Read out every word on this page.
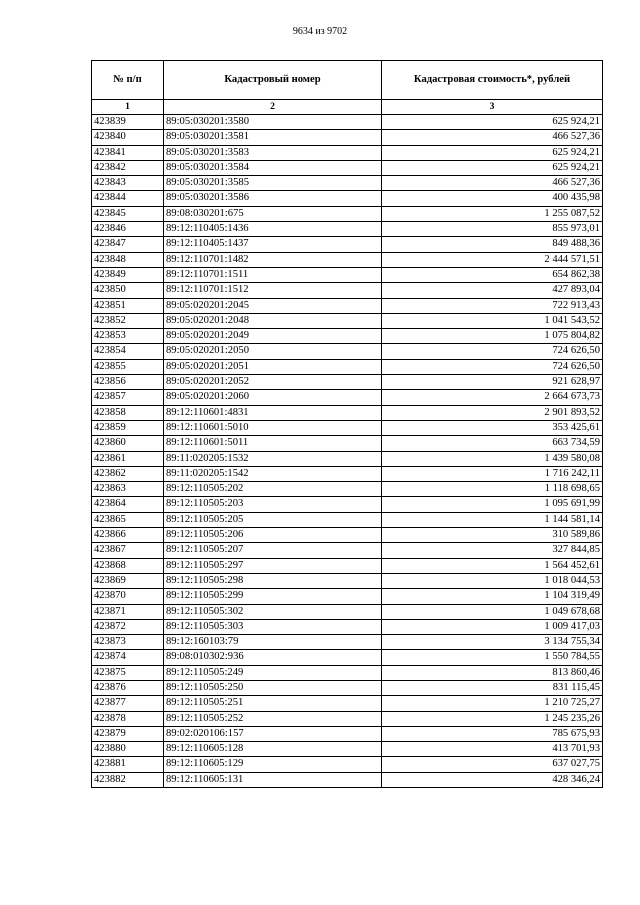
9634 из 9702
№ п/п	Кадастровый номер	Кадастровая стоимость*, рублей
1	2	3
423839	89:05:030201:3580	625 924,21
423840	89:05:030201:3581	466 527,36
423841	89:05:030201:3583	625 924,21
423842	89:05:030201:3584	625 924,21
423843	89:05:030201:3585	466 527,36
423844	89:05:030201:3586	400 435,98
423845	89:08:030201:675	1 255 087,52
423846	89:12:110405:1436	855 973,01
423847	89:12:110405:1437	849 488,36
423848	89:12:110701:1482	2 444 571,51
423849	89:12:110701:1511	654 862,38
423850	89:12:110701:1512	427 893,04
423851	89:05:020201:2045	722 913,43
423852	89:05:020201:2048	1 041 543,52
423853	89:05:020201:2049	1 075 804,82
423854	89:05:020201:2050	724 626,50
423855	89:05:020201:2051	724 626,50
423856	89:05:020201:2052	921 628,97
423857	89:05:020201:2060	2 664 673,73
423858	89:12:110601:4831	2 901 893,52
423859	89:12:110601:5010	353 425,61
423860	89:12:110601:5011	663 734,59
423861	89:11:020205:1532	1 439 580,08
423862	89:11:020205:1542	1 716 242,11
423863	89:12:110505:202	1 118 698,65
423864	89:12:110505:203	1 095 691,99
423865	89:12:110505:205	1 144 581,14
423866	89:12:110505:206	310 589,86
423867	89:12:110505:207	327 844,85
423868	89:12:110505:297	1 564 452,61
423869	89:12:110505:298	1 018 044,53
423870	89:12:110505:299	1 104 319,49
423871	89:12:110505:302	1 049 678,68
423872	89:12:110505:303	1 009 417,03
423873	89:12:160103:79	3 134 755,34
423874	89:08:010302:936	1 550 784,55
423875	89:12:110505:249	813 860,46
423876	89:12:110505:250	831 115,45
423877	89:12:110505:251	1 210 725,27
423878	89:12:110505:252	1 245 235,26
423879	89:02:020106:157	785 675,93
423880	89:12:110605:128	413 701,93
423881	89:12:110605:129	637 027,75
423882	89:12:110605:131	428 346,24
